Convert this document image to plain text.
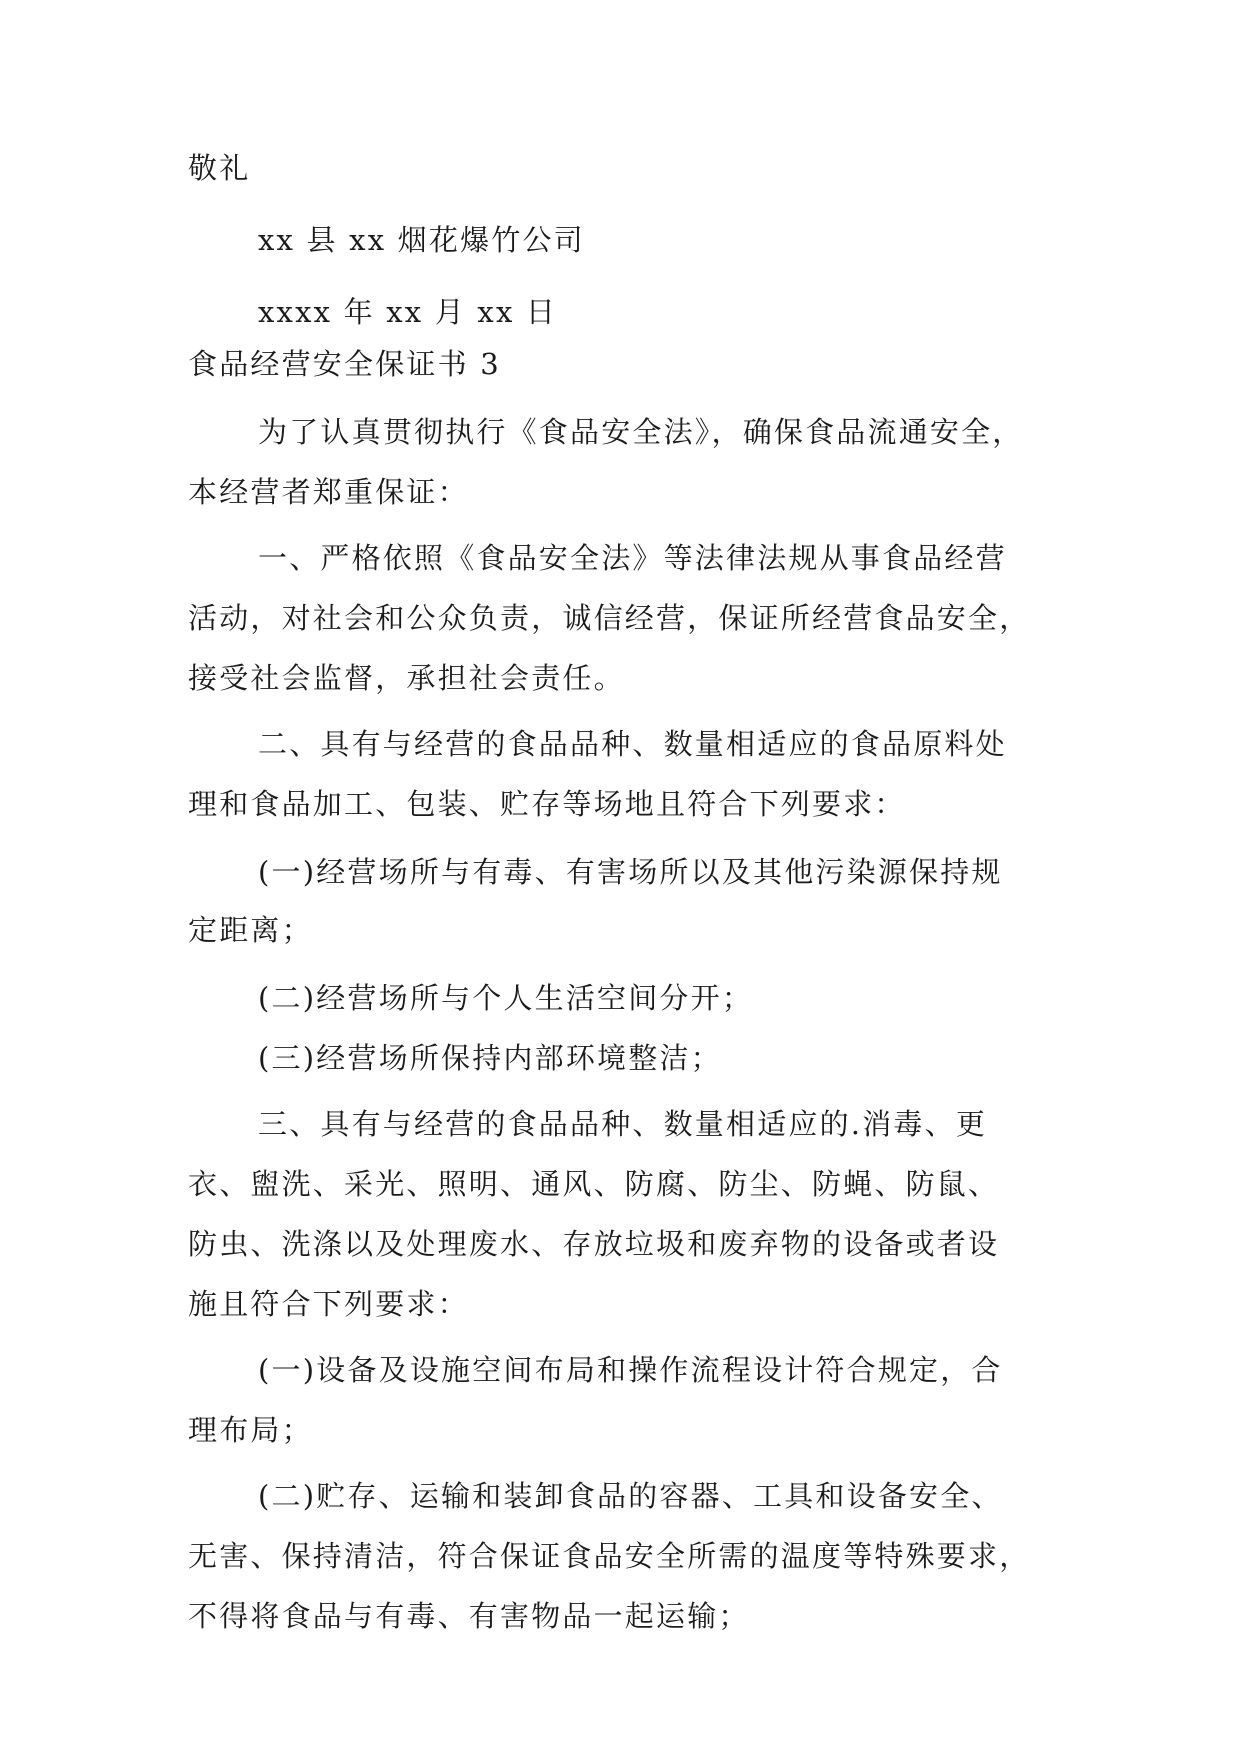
敬礼
xx 县 xx 烟花爆竹公司
xxxx 年 xx 月 xx 日
食品经营安全保证书 3
为了认真贯彻执行《食品安全法》，确保食品流通安全，
本经营者郑重保证：
一、严格依照《食品安全法》等法律法规从事食品经营
活动，对社会和公众负责，诚信经营，保证所经营食品安全，
接受社会监督，承担社会责任。
二、具有与经营的食品品种、数量相适应的食品原料处
理和食品加工、包装、贮存等场地且符合下列要求：
(一)经营场所与有毒、有害场所以及其他污染源保持规
定距离；
(二)经营场所与个人生活空间分开；
(三)经营场所保持内部环境整洁；
三、具有与经营的食品品种、数量相适应的.消毒、更
衣、盥洗、采光、照明、通风、防腐、防尘、防蝇、防鼠、
防虫、洗涤以及处理废水、存放垃圾和废弃物的设备或者设
施且符合下列要求：
(一)设备及设施空间布局和操作流程设计符合规定，合
理布局；
(二)贮存、运输和装卸食品的容器、工具和设备安全、
无害、保持清洁，符合保证食品安全所需的温度等特殊要求，
不得将食品与有毒、有害物品一起运输；
